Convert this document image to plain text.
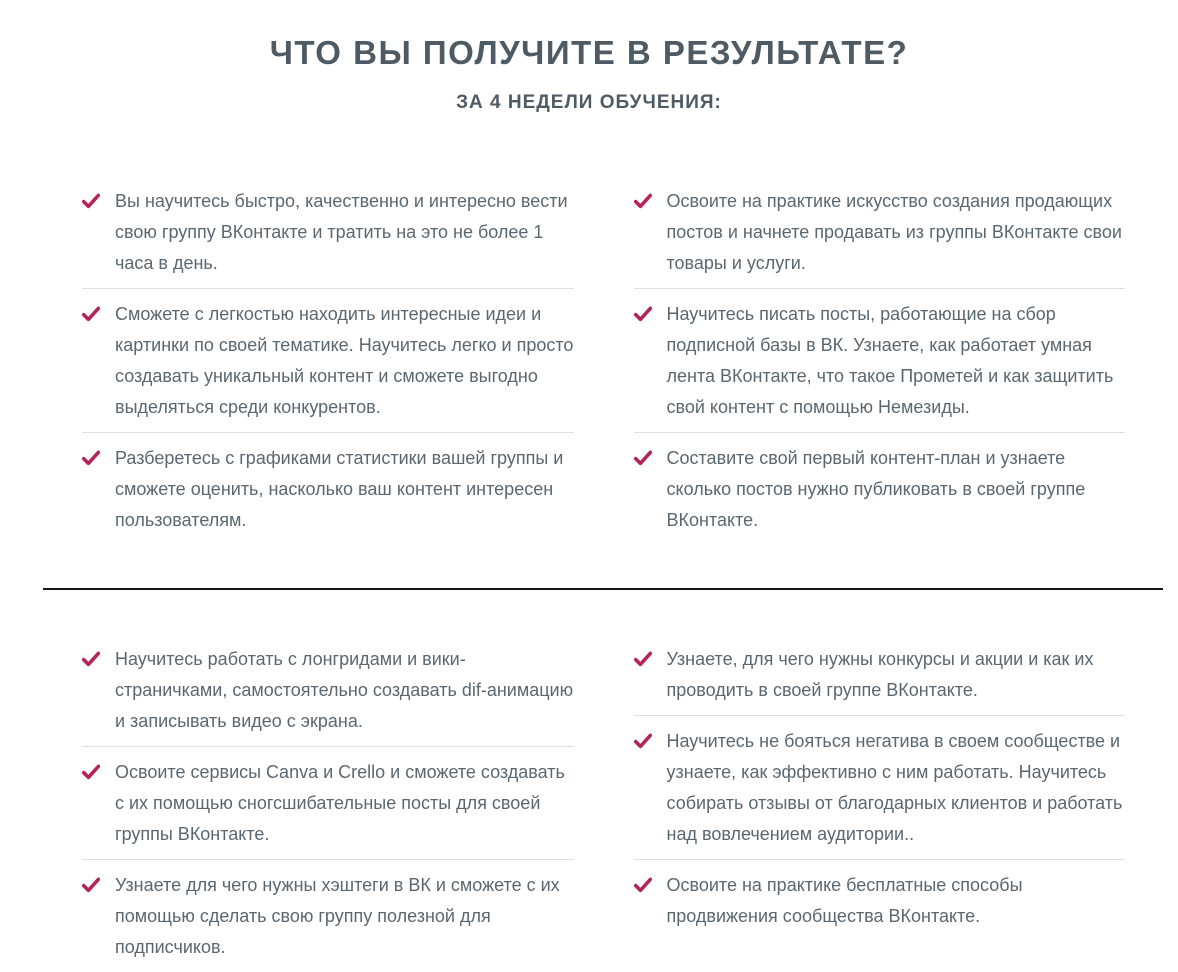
ЧТО ВЫ ПОЛУЧИТЕ В РЕЗУЛЬТАТЕ?
ЗА 4 НЕДЕЛИ ОБУЧЕНИЯ:
Вы научитесь быстро, качественно и интересно вести свою группу ВКонтакте и тратить на это не более 1 часа в день.
Сможете с легкостью находить интересные идеи и картинки по своей тематике. Научитесь легко и просто создавать уникальный контент и сможете выгодно выделяться среди конкурентов.
Разберетесь с графиками статистики вашей группы и сможете оценить, насколько ваш контент интересен пользователям.
Освоите на практике искусство создания продающих постов и начнете продавать из группы ВКонтакте свои товары и услуги.
Научитесь писать посты, работающие на сбор подписной базы в ВК. Узнаете, как работает умная лента ВКонтакте, что такое Прометей и как защитить свой контент с помощью Немезиды.
Составите свой первый контент-план и узнаете сколько постов нужно публиковать в своей группе ВКонтакте.
Научитесь работать с лонгридами и вики-страничками, самостоятельно создавать dif-анимацию и записывать видео с экрана.
Освоите сервисы Canva и Crello и сможете создавать с их помощью сногсшибательные посты для своей группы ВКонтакте.
Узнаете для чего нужны хэштеги в ВК и сможете с их помощью сделать свою группу полезной для подписчиков.
Узнаете, для чего нужны конкурсы и акции и как их проводить в своей группе ВКонтакте.
Научитесь не бояться негатива в своем сообществе и узнаете, как эффективно с ним работать. Научитесь собирать отзывы от благодарных клиентов и работать над вовлечением аудитории..
Освоите на практике бесплатные способы продвижения сообщества ВКонтакте.
